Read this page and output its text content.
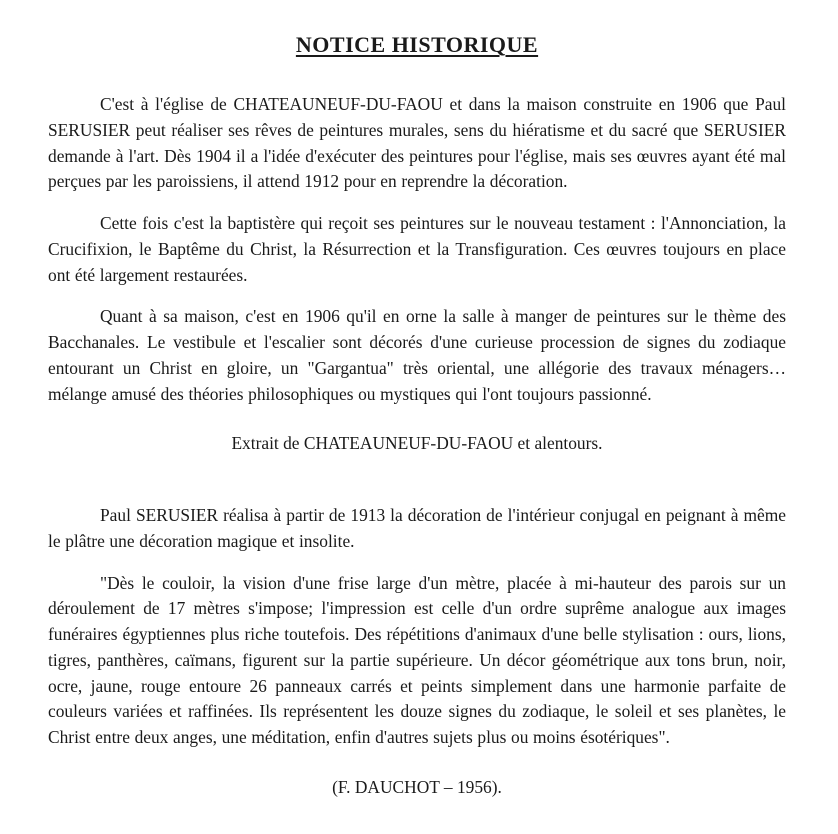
NOTICE HISTORIQUE

C'est à l'église de CHATEAUNEUF-DU-FAOU et dans la maison construite en 1906 que Paul SERUSIER peut réaliser ses rêves de peintures murales, sens du hiératisme et du sacré que SERUSIER demande à l'art. Dès 1904 il a l'idée d'exécuter des peintures pour l'église, mais ses œuvres ayant été mal perçues par les paroissiens, il attend 1912 pour en reprendre la décoration.

Cette fois c'est la baptistère qui reçoit ses peintures sur le nouveau testament : l'Annonciation, la Crucifixion, le Baptême du Christ, la Résurrection et la Transfiguration. Ces œuvres toujours en place ont été largement restaurées.

Quant à sa maison, c'est en 1906 qu'il en orne la salle à manger de peintures sur le thème des Bacchanales. Le vestibule et l'escalier sont décorés d'une curieuse procession de signes du zodiaque entourant un Christ en gloire, un "Gargantua" très oriental, une allégorie des travaux ménagers… mélange amusé des théories philosophiques ou mystiques qui l'ont toujours passionné.

Extrait de CHATEAUNEUF-DU-FAOU et alentours.

Paul SERUSIER réalisa à partir de 1913 la décoration de l'intérieur conjugal en peignant à même le plâtre une décoration magique et insolite.

"Dès le couloir, la vision d'une frise large d'un mètre, placée à mi-hauteur des parois sur un déroulement de 17 mètres s'impose; l'impression est celle d'un ordre suprême analogue aux images funéraires égyptiennes plus riche toutefois. Des répétitions d'animaux d'une belle stylisation : ours, lions, tigres, panthères, caïmans, figurent sur la partie supérieure. Un décor géométrique aux tons brun, noir, ocre, jaune, rouge entoure 26 panneaux carrés et peints simplement dans une harmonie parfaite de couleurs variées et raffinées. Ils représentent les douze signes du zodiaque, le soleil et ses planètes, le Christ entre deux anges, une méditation, enfin d'autres sujets plus ou moins ésotériques".

(F. DAUCHOT – 1956).
